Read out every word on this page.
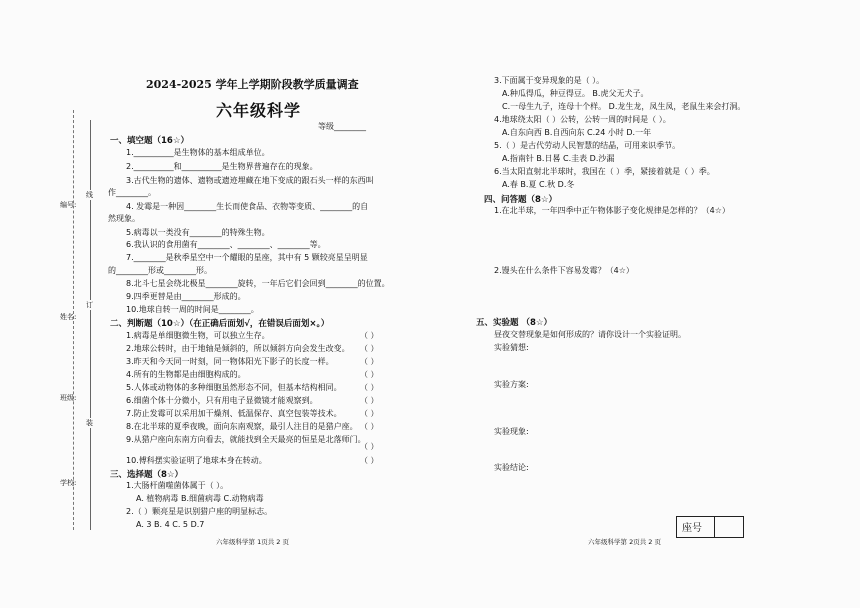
编号:
姓名:
班级:
学校:
线
订
装
2024-2025 学年上学期阶段教学质量调查
六年级科学
等级________
一、填空题（16☆）
1.__________是生物体的基本组成单位。
2.__________和__________是生物界普遍存在的现象。
3.古代生物的遗体、遗物或遗迹埋藏在地下变成的跟石头一样的东西叫
作________。
4. 发霉是一种因________生长而使食品、衣物等变质、________的自
然现象。
5.病毒以一类没有________的特殊生物。
6.我认识的食用菌有________、________、________等。
7.________是秋季星空中一个耀眼的星座，其中有 5 颗较亮星呈明显
的________形或________形。
8.北斗七星会绕北极星________旋转，一年后它们会回到________的位置。
9.四季更替是由________形成的。
10.地球自转一周的时间是________。
二、判断题（10☆）（在正确后面划√，在错误后面划×。）
1.病毒是单细胞微生物，可以独立生存。
2.地球公转时，由于地轴是倾斜的，所以倾斜方向会发生改变。
3.昨天和今天同一时刻，同一物体阳光下影子的长度一样。
4.所有的生物都是由细胞构成的。
5.人体或动物体的多种细胞虽然形态不同，但基本结构相同。
6.细菌个体十分微小，只有用电子显微镜才能观察到。
7.防止发霉可以采用加干燥剂、低温保存、真空包装等技术。
8.在北半球的夏季夜晚，面向东南观察，最引人注目的是猎户座。
9.从猎户座向东南方向看去，就能找到全天最亮的恒星是北落师门。
10.傅科摆实验证明了地球本身在转动。
（ ）
（ ）
（ ）
（ ）
（ ）
（ ）
（ ）
（ ）
（ ）
（ ）
三、选择题（8☆）
1.大肠杆菌噬菌体属于（ ）。
A. 植物病毒 B.细菌病毒 C.动物病毒
2.（ ）颗亮星是识别猎户座的明显标志。
A. 3 B. 4 C. 5 D.7
六年级科学第 1页共 2 页
3.下面属于变异现象的是（ ）。
A.种瓜得瓜，种豆得豆。 B.虎父无犬子。
C.一母生九子，连母十个样。 D.龙生龙，凤生凤，老鼠生来会打洞。
4.地球绕太阳（ ）公转，公转一周的时间是（ ）。
A.自东向西 B.自西向东 C.24 小时 D.一年
5.（ ）是古代劳动人民智慧的结晶，可用来识季节。
A.指南针 B.日晷 C.圭表 D.沙漏
6.当太阳直射北半球时，我国在（ ）季，紧接着就是（ ）季。
A.春 B.夏 C.秋 D.冬
四、问答题（8☆）
1.在北半球，一年四季中正午物体影子变化规律是怎样的？（4☆）
2.馒头在什么条件下容易发霉？（4☆）
五、实验题 （8☆）
昼夜交替现象是如何形成的？请你设计一个实验证明。
实验猜想:
实验方案:
实验现象:
实验结论:
座号
六年级科学第 2页共 2 页
